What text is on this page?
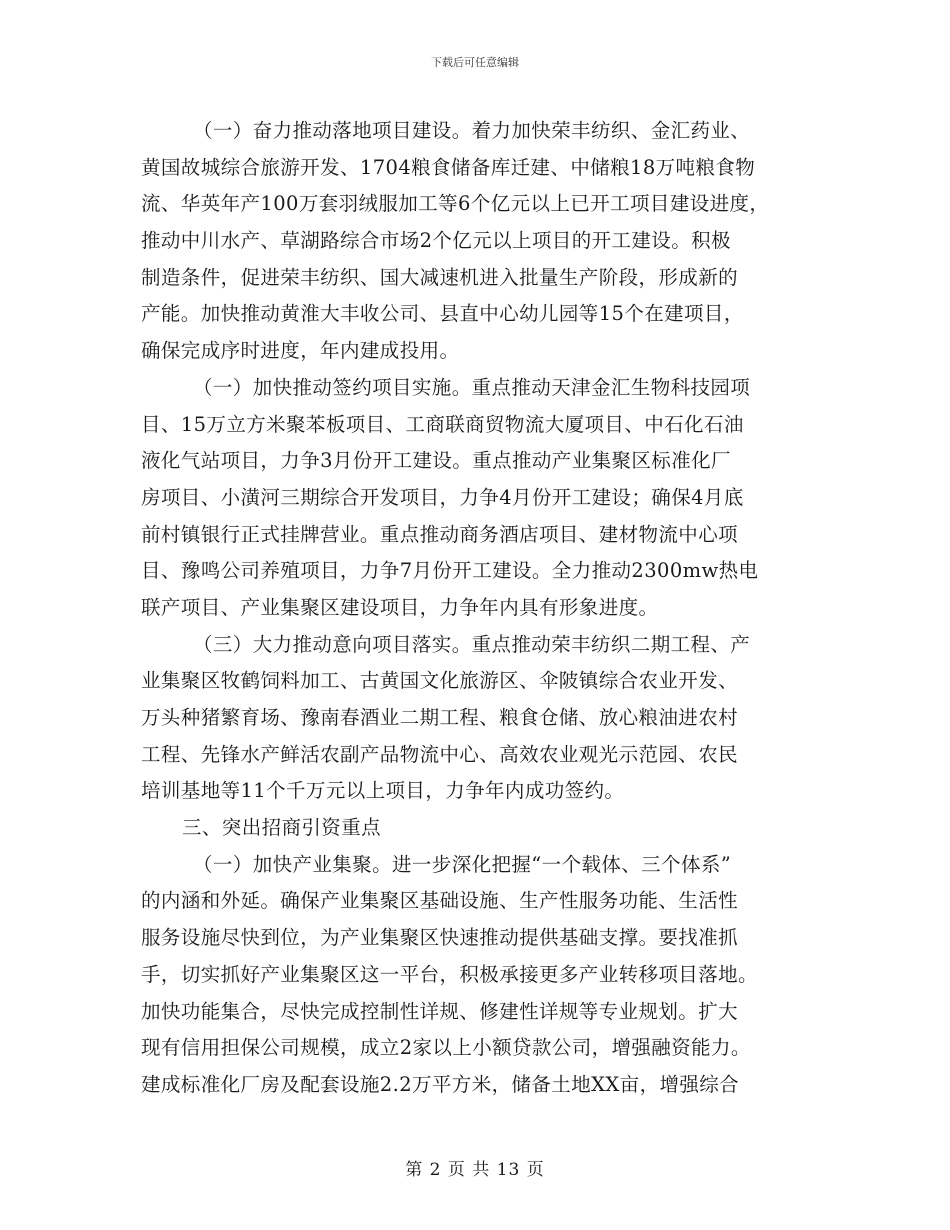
下载后可任意编辑
（一）奋力推动落地项目建设。着力加快荣丰纺织、金汇药业、
黄国故城综合旅游开发、1704粮食储备库迁建、中储粮18万吨粮食物
流、华英年产100万套羽绒服加工等6个亿元以上已开工项目建设进度，
推动中川水产、草湖路综合市场2个亿元以上项目的开工建设。积极
制造条件，促进荣丰纺织、国大减速机进入批量生产阶段，形成新的
产能。加快推动黄淮大丰收公司、县直中心幼儿园等15个在建项目，
确保完成序时进度，年内建成投用。
（一）加快推动签约项目实施。重点推动天津金汇生物科技园项
目、15万立方米聚苯板项目、工商联商贸物流大厦项目、中石化石油
液化气站项目，力争3月份开工建设。重点推动产业集聚区标准化厂
房项目、小潢河三期综合开发项目，力争4月份开工建设；确保4月底
前村镇银行正式挂牌营业。重点推动商务酒店项目、建材物流中心项
目、豫鸣公司养殖项目，力争7月份开工建设。全力推动2300mw热电
联产项目、产业集聚区建设项目，力争年内具有形象进度。
（三）大力推动意向项目落实。重点推动荣丰纺织二期工程、产
业集聚区牧鹤饲料加工、古黄国文化旅游区、伞陂镇综合农业开发、
万头种猪繁育场、豫南春酒业二期工程、粮食仓储、放心粮油进农村
工程、先锋水产鲜活农副产品物流中心、高效农业观光示范园、农民
培训基地等11个千万元以上项目，力争年内成功签约。
三、突出招商引资重点
（一）加快产业集聚。进一步深化把握“一个载体、三个体系”
的内涵和外延。确保产业集聚区基础设施、生产性服务功能、生活性
服务设施尽快到位，为产业集聚区快速推动提供基础支撑。要找准抓
手，切实抓好产业集聚区这一平台，积极承接更多产业转移项目落地。
加快功能集合，尽快完成控制性详规、修建性详规等专业规划。扩大
现有信用担保公司规模，成立2家以上小额贷款公司，增强融资能力。
建成标准化厂房及配套设施2.2万平方米，储备土地XX亩，增强综合
第 2 页 共 13 页
